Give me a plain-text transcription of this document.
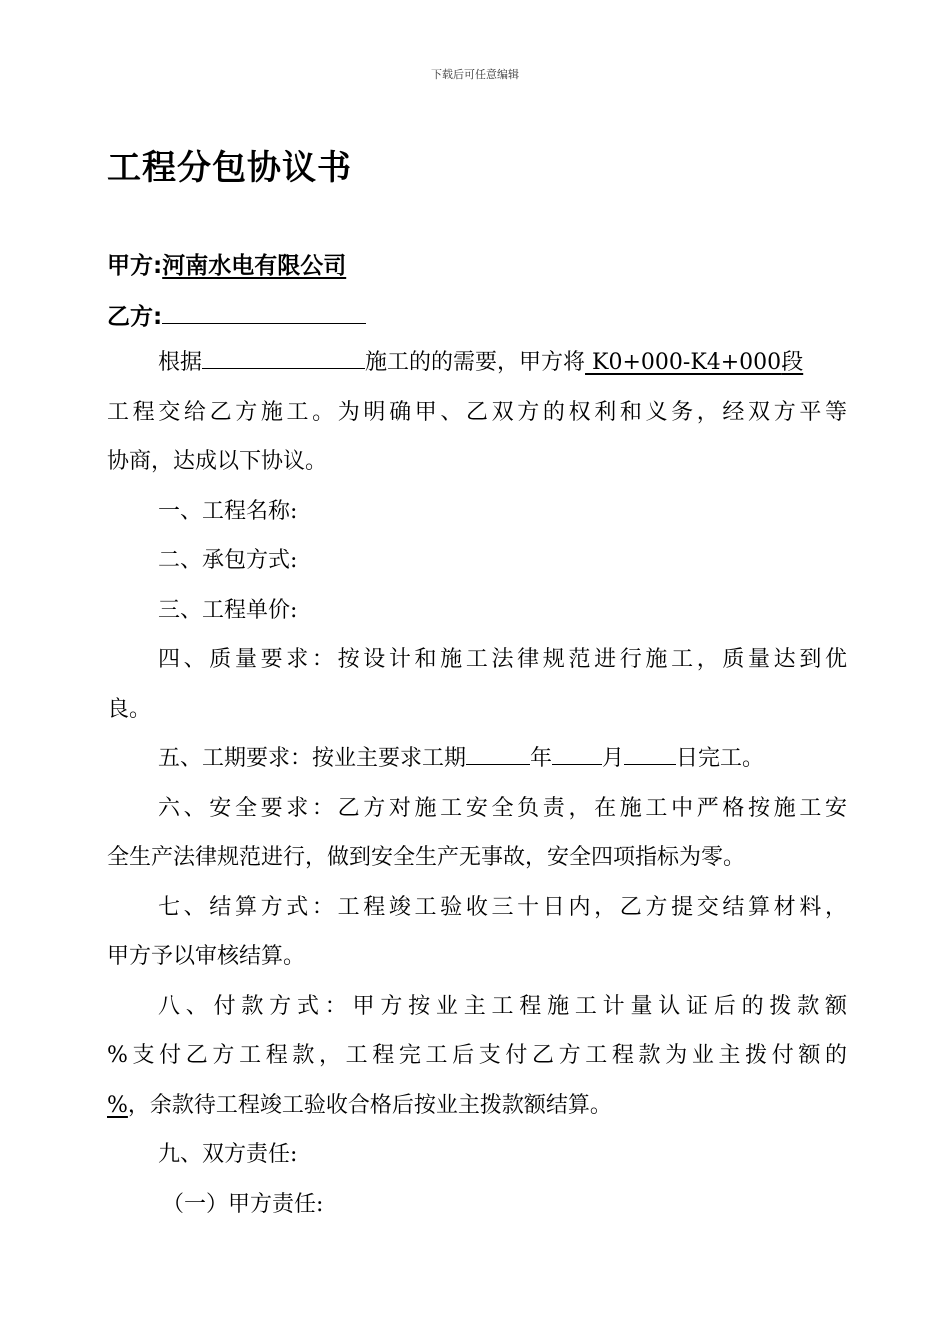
下载后可任意编辑
工程分包协议书
甲方:河南水电有限公司
乙方:
根据	施工的的需要，甲方将 K0+000-K4+000段
工程交给乙方施工。为明确甲、乙双方的权利和义务，经双方平等
协商，达成以下协议。
一、工程名称:
二、承包方式:
三、工程单价:
四、质量要求：按设计和施工法律规范进行施工，质量达到优
良。
五、工期要求：按业主要求工期	年 月 日完工。
六、安全要求：乙方对施工安全负责，在施工中严格按施工安
全生产法律规范进行，做到安全生产无事故，安全四项指标为零。
七、结算方式：工程竣工验收三十日内，乙方提交结算材料，
甲方予以审核结算。
八、付款方式：甲方按业主工程施工计量认证后的拨款额
%支付乙方工程款，工程完工后支付乙方工程款为业主拨付额的
%，余款待工程竣工验收合格后按业主拨款额结算。
九、双方责任:
（一）甲方责任:
